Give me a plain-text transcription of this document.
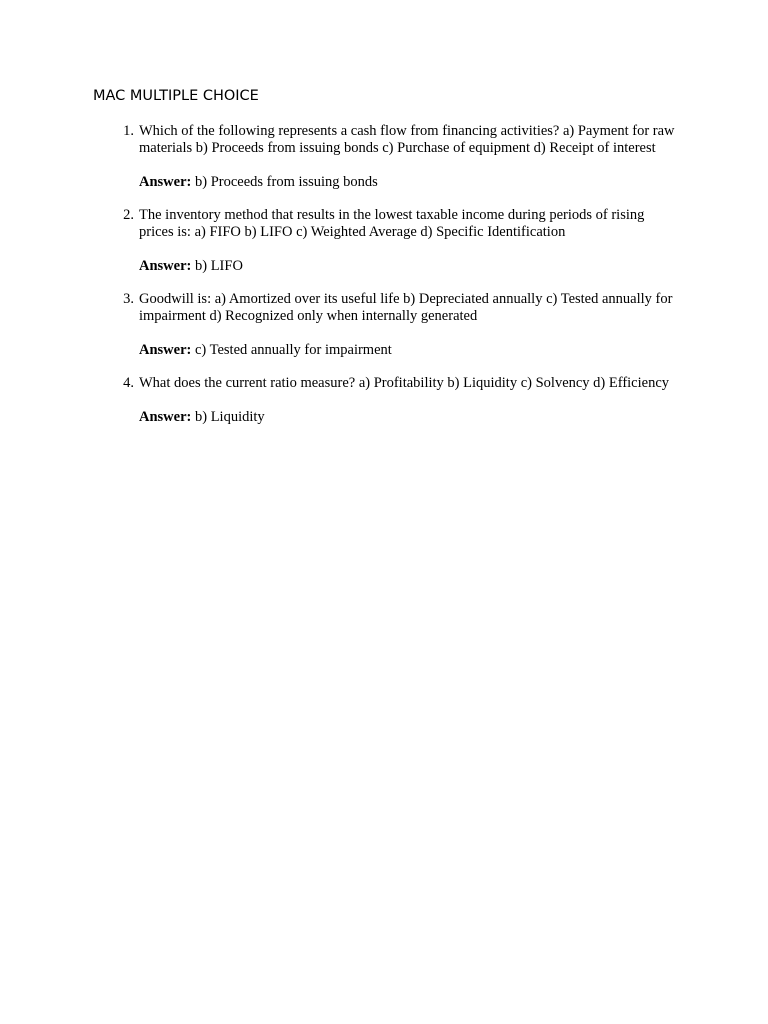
MAC MULTIPLE CHOICE
1. Which of the following represents a cash flow from financing activities? a) Payment for raw materials b) Proceeds from issuing bonds c) Purchase of equipment d) Receipt of interest

Answer: b) Proceeds from issuing bonds

2. The inventory method that results in the lowest taxable income during periods of rising prices is: a) FIFO b) LIFO c) Weighted Average d) Specific Identification

Answer: b) LIFO

3. Goodwill is: a) Amortized over its useful life b) Depreciated annually c) Tested annually for impairment d) Recognized only when internally generated

Answer: c) Tested annually for impairment

4. What does the current ratio measure? a) Profitability b) Liquidity c) Solvency d) Efficiency

Answer: b) Liquidity
